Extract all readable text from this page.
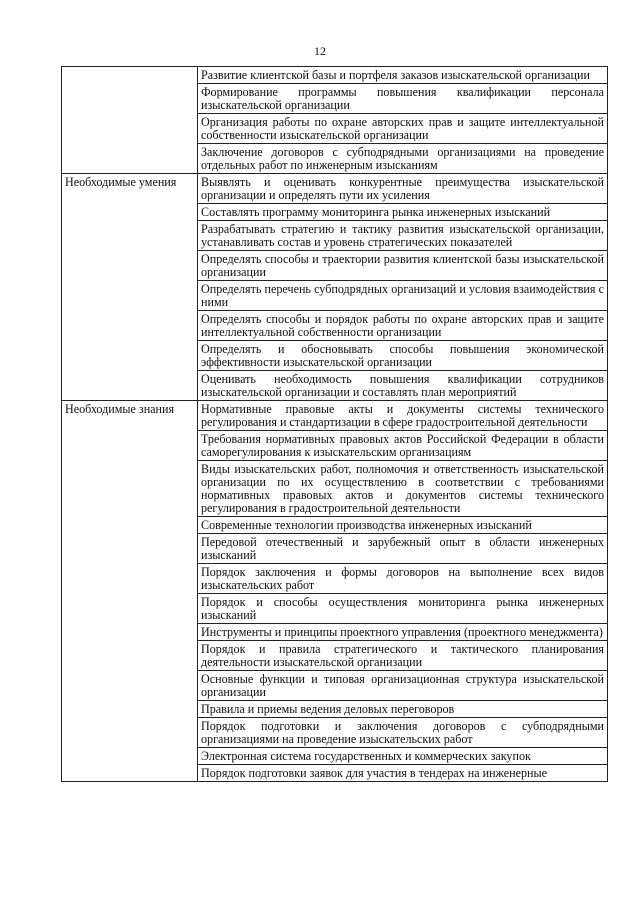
12
	Развитие клиентской базы и портфеля заказов изыскательской организации
	Формирование программы повышения квалификации персонала изыскательской организации
	Организация работы по охране авторских прав и защите интеллектуальной собственности изыскательской организации
	Заключение договоров с субподрядными организациями на проведение отдельных работ по инженерным изысканиям
Необходимые умения	Выявлять и оценивать конкурентные преимущества изыскательской организации и определять пути их усиления
	Составлять программу мониторинга рынка инженерных изысканий
	Разрабатывать стратегию и тактику развития изыскательской организации, устанавливать состав и уровень стратегических показателей
	Определять способы и траектории развития клиентской базы изыскательской организации
	Определять перечень субподрядных организаций и условия взаимодействия с ними
	Определять способы и порядок работы по охране авторских прав и защите интеллектуальной собственности организации
	Определять и обосновывать способы повышения экономической эффективности изыскательской организации
	Оценивать необходимость повышения квалификации сотрудников изыскательской организации и составлять план мероприятий
Необходимые знания	Нормативные правовые акты и документы системы технического регулирования и стандартизации в сфере градостроительной деятельности
	Требования нормативных правовых актов Российской Федерации в области саморегулирования к изыскательским организациям
	Виды изыскательских работ, полномочия и ответственность изыскательской организации по их осуществлению в соответствии с требованиями нормативных правовых актов и документов системы технического регулирования в градостроительной деятельности
	Современные технологии производства инженерных изысканий
	Передовой отечественный и зарубежный опыт в области инженерных изысканий
	Порядок заключения и формы договоров на выполнение всех видов изыскательских работ
	Порядок и способы осуществления мониторинга рынка инженерных изысканий
	Инструменты и принципы проектного управления (проектного менеджмента)
	Порядок и правила стратегического и тактического планирования деятельности изыскательской организации
	Основные функции и типовая организационная структура изыскательской организации
	Правила и приемы ведения деловых переговоров
	Порядок подготовки и заключения договоров с субподрядными организациями на проведение изыскательских работ
	Электронная система государственных и коммерческих закупок
	Порядок подготовки заявок для участия в тендерах на инженерные
